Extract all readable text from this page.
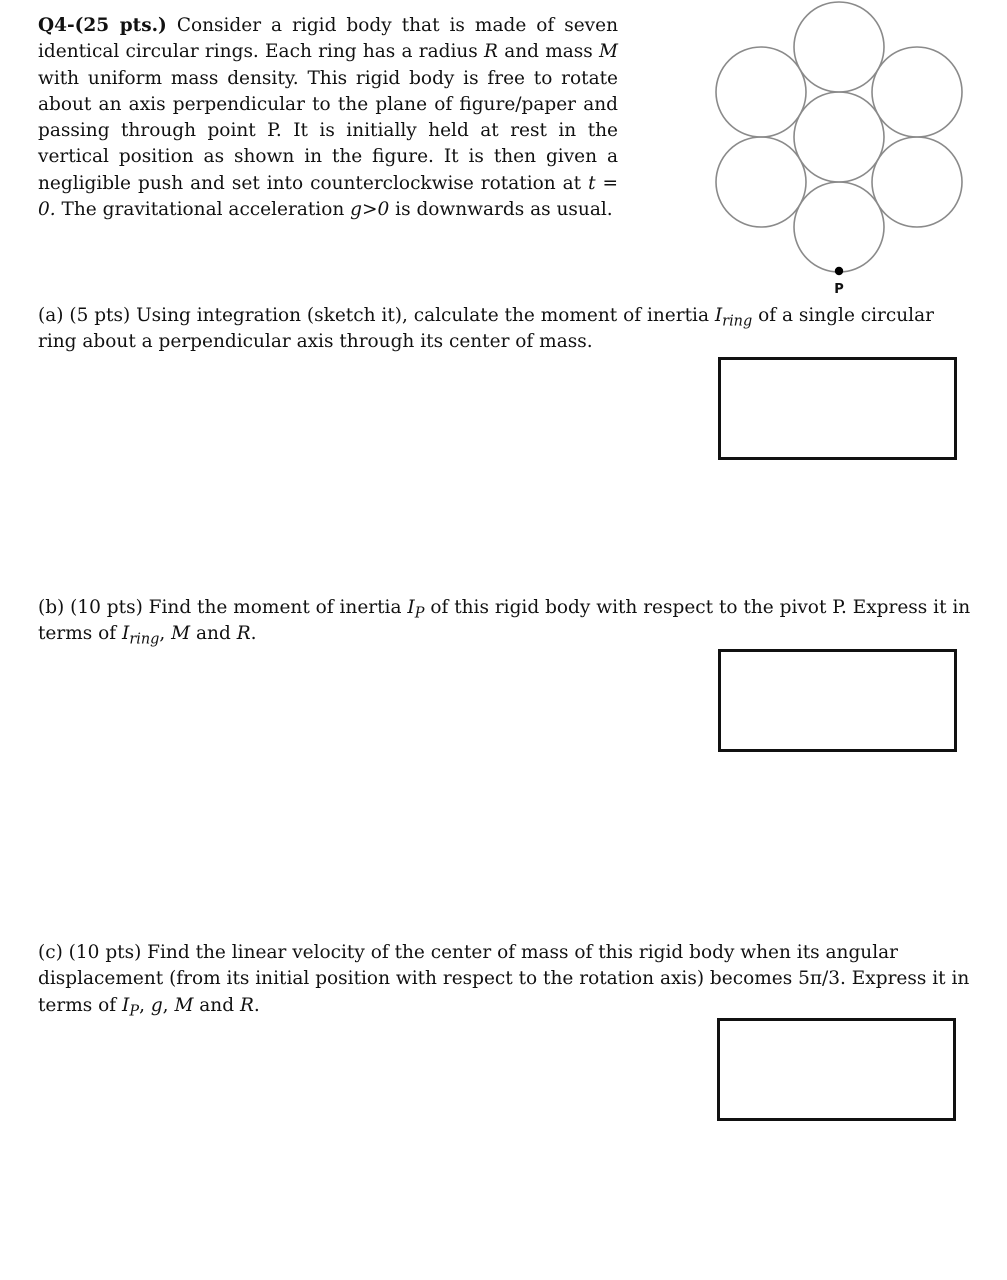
Q4-(25 pts.) Consider a rigid body that is made of seven
identical circular rings. Each ring has a radius R and mass M
with uniform mass density. This rigid body is free to rotate
about an axis perpendicular to the plane of figure/paper and
passing through point P. It is initially held at rest in the
vertical position as shown in the figure. It is then given a
negligible push and set into counterclockwise rotation at t =
0. The gravitational acceleration g>0 is downwards as usual.

P

(a) (5 pts) Using integration (sketch it), calculate the moment of inertia $I_{ring}$ of a single circular ring about a perpendicular axis through its center of mass.

(b) (10 pts) Find the moment of inertia $I_P$ of this rigid body with respect to the pivot P. Express it in terms of $I_{ring}$, M and R.

(c) (10 pts) Find the linear velocity of the center of mass of this rigid body when its angular displacement (from its initial position with respect to the rotation axis) becomes 5π/3. Express it in terms of $I_P$, g, M and R.
